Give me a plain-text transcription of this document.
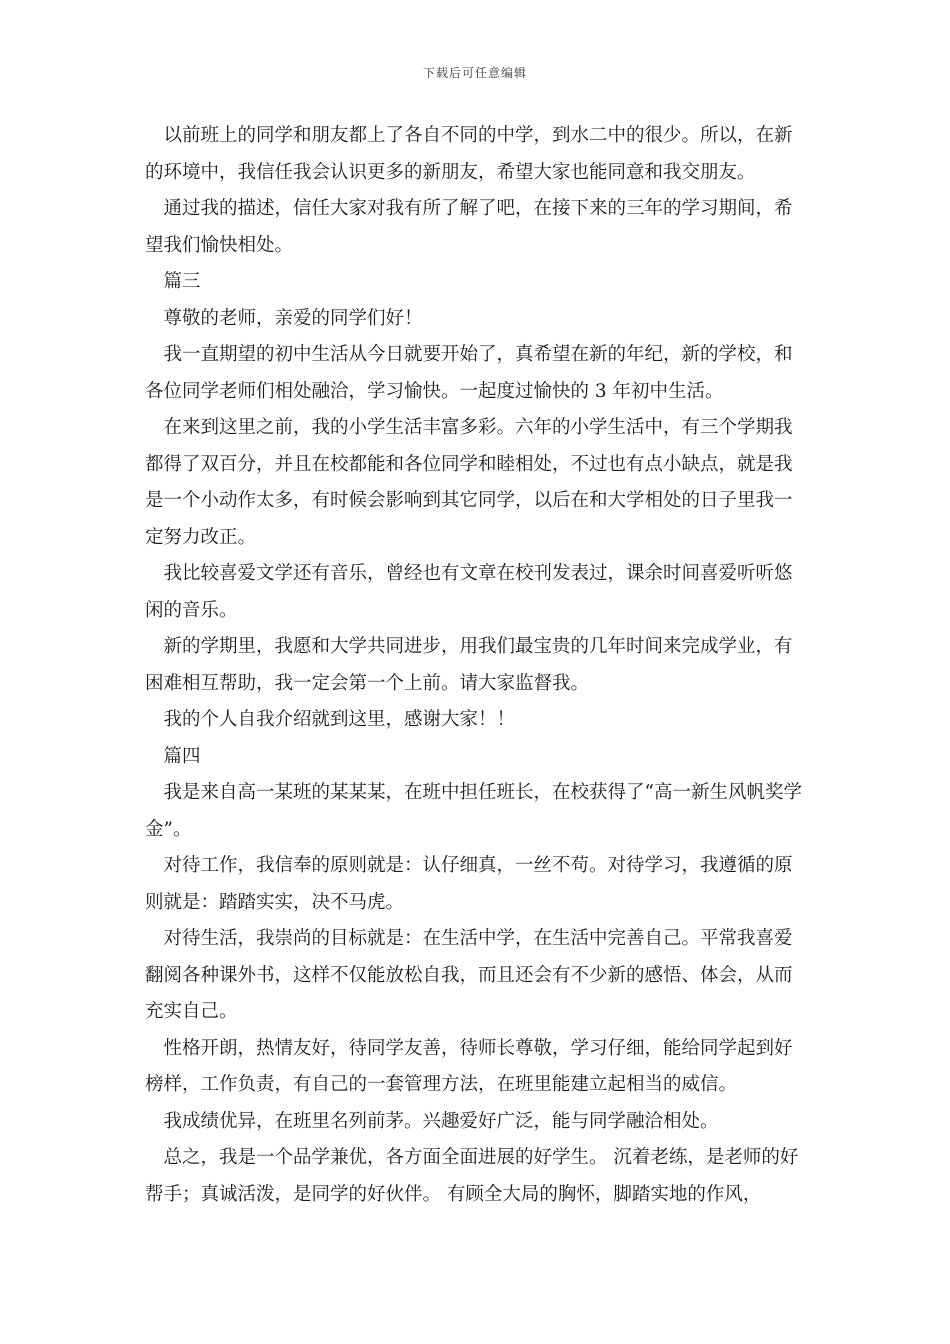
下载后可任意编辑

以前班上的同学和朋友都上了各自不同的中学，到水二中的很少。所以，在新的环境中，我信任我会认识更多的新朋友，希望大家也能同意和我交朋友。

通过我的描述，信任大家对我有所了解了吧，在接下来的三年的学习期间，希望我们愉快相处。

篇三

尊敬的老师，亲爱的同学们好！

我一直期望的初中生活从今日就要开始了，真希望在新的年纪，新的学校，和各位同学老师们相处融洽，学习愉快。一起度过愉快的 3 年初中生活。

在来到这里之前，我的小学生活丰富多彩。六年的小学生活中，有三个学期我都得了双百分，并且在校都能和各位同学和睦相处，不过也有点小缺点，就是我是一个小动作太多，有时候会影响到其它同学，以后在和大学相处的日子里我一定努力改正。

我比较喜爱文学还有音乐，曾经也有文章在校刊发表过，课余时间喜爱听听悠闲的音乐。

新的学期里，我愿和大学共同进步，用我们最宝贵的几年时间来完成学业，有困难相互帮助，我一定会第一个上前。请大家监督我。

我的个人自我介绍就到这里，感谢大家！！

篇四

我是来自高一某班的某某某，在班中担任班长，在校获得了“高一新生风帆奖学金”。

对待工作，我信奉的原则就是：认仔细真，一丝不苟。对待学习，我遵循的原则就是：踏踏实实，决不马虎。

对待生活，我崇尚的目标就是：在生活中学，在生活中完善自己。平常我喜爱翻阅各种课外书，这样不仅能放松自我，而且还会有不少新的感悟、体会，从而充实自己。

性格开朗，热情友好，待同学友善，待师长尊敬，学习仔细，能给同学起到好榜样，工作负责，有自己的一套管理方法，在班里能建立起相当的威信。

我成绩优异，在班里名列前茅。兴趣爱好广泛，能与同学融洽相处。

总之，我是一个品学兼优，各方面全面进展的好学生。 沉着老练，是老师的好帮手；真诚活泼，是同学的好伙伴。 有顾全大局的胸怀，脚踏实地的作风，
